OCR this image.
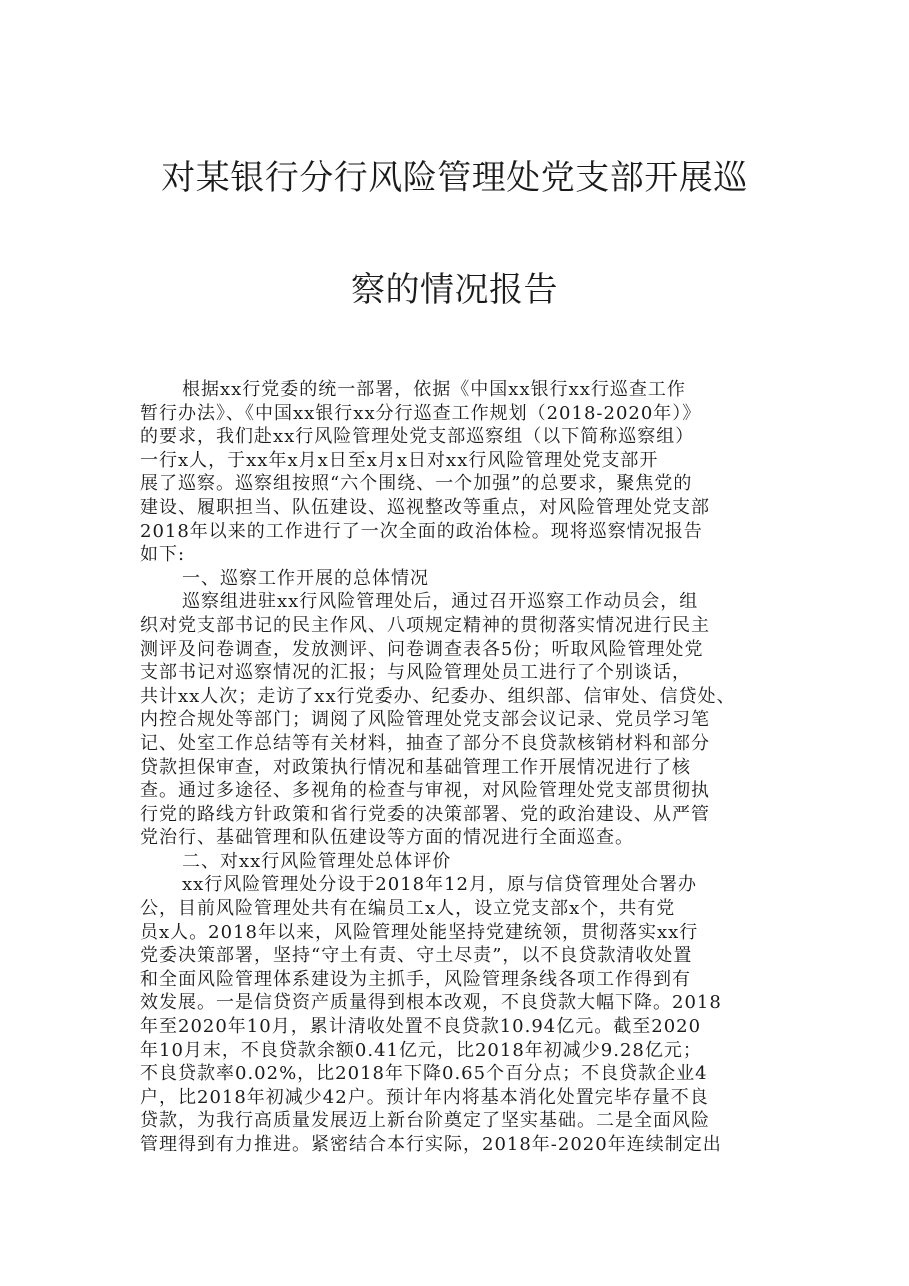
对某银行分行风险管理处党支部开展巡
察的情况报告
根据xx行党委的统一部署，依据《中国xx银行xx行巡查工作
暂行办法》、《中国xx银行xx分行巡查工作规划（2018-2020年）》
的要求，我们赴xx行风险管理处党支部巡察组（以下简称巡察组）
一行x人，于xx年x月x日至x月x日对xx行风险管理处党支部开
展了巡察。巡察组按照“六个围绕、一个加强”的总要求，聚焦党的
建设、履职担当、队伍建设、巡视整改等重点，对风险管理处党支部
2018年以来的工作进行了一次全面的政治体检。现将巡察情况报告
如下:
一、巡察工作开展的总体情况
巡察组进驻xx行风险管理处后，通过召开巡察工作动员会，组
织对党支部书记的民主作风、八项规定精神的贯彻落实情况进行民主
测评及问卷调查，发放测评、问卷调查表各5份；听取风险管理处党
支部书记对巡察情况的汇报；与风险管理处员工进行了个别谈话，
共计xx人次；走访了xx行党委办、纪委办、组织部、信审处、信贷处、
内控合规处等部门；调阅了风险管理处党支部会议记录、党员学习笔
记、处室工作总结等有关材料，抽查了部分不良贷款核销材料和部分
贷款担保审查，对政策执行情况和基础管理工作开展情况进行了核
查。通过多途径、多视角的检查与审视，对风险管理处党支部贯彻执
行党的路线方针政策和省行党委的决策部署、党的政治建设、从严管
党治行、基础管理和队伍建设等方面的情况进行全面巡查。
二、对xx行风险管理处总体评价
xx行风险管理处分设于2018年12月，原与信贷管理处合署办
公，目前风险管理处共有在编员工x人，设立党支部x个，共有党
员x人。2018年以来，风险管理处能坚持党建统领，贯彻落实xx行
党委决策部署，坚持“守土有责、守土尽责”，以不良贷款清收处置
和全面风险管理体系建设为主抓手，风险管理条线各项工作得到有
效发展。一是信贷资产质量得到根本改观，不良贷款大幅下降。2018
年至2020年10月，累计清收处置不良贷款10.94亿元。截至2020
年10月末，不良贷款余额0.41亿元，比2018年初减少9.28亿元；
不良贷款率0.02%，比2018年下降0.65个百分点；不良贷款企业4
户，比2018年初减少42户。预计年内将基本消化处置完毕存量不良
贷款，为我行高质量发展迈上新台阶奠定了坚实基础。二是全面风险
管理得到有力推进。紧密结合本行实际，2018年-2020年连续制定出
